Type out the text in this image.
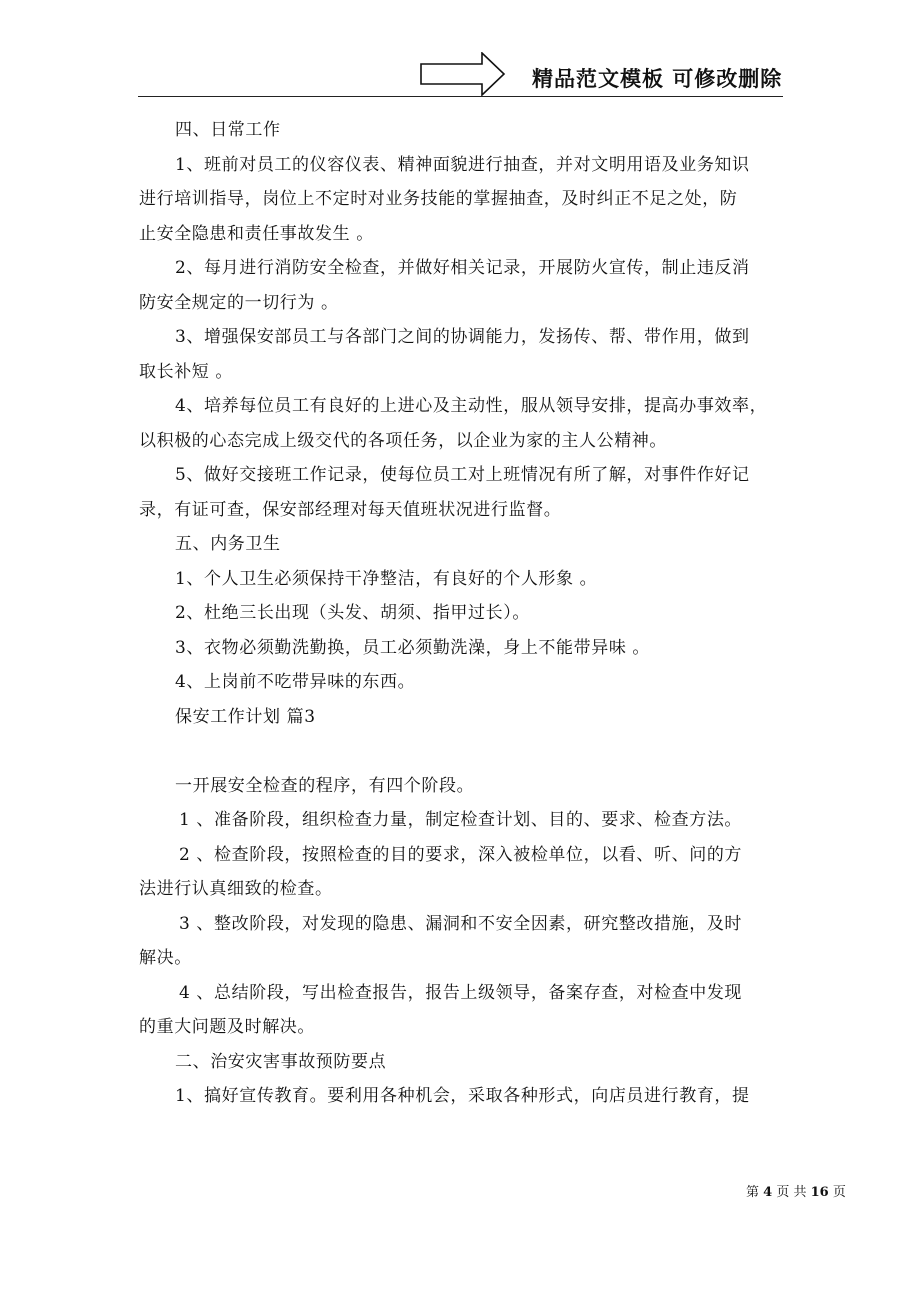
精品范文模板 可修改删除
四、日常工作
1、班前对员工的仪容仪表、精神面貌进行抽查，并对文明用语及业务知识
进行培训指导，岗位上不定时对业务技能的掌握抽查，及时纠正不足之处，防
止安全隐患和责任事故发生 。
2、每月进行消防安全检查，并做好相关记录，开展防火宣传，制止违反消
防安全规定的一切行为 。
3、增强保安部员工与各部门之间的协调能力，发扬传、帮、带作用，做到
取长补短 。
4、培养每位员工有良好的上进心及主动性，服从领导安排，提高办事效率，
以积极的心态完成上级交代的各项任务，以企业为家的主人公精神。
5、做好交接班工作记录，使每位员工对上班情况有所了解，对事件作好记
录，有证可查，保安部经理对每天值班状况进行监督。
五、内务卫生
1、个人卫生必须保持干净整洁，有良好的个人形象 。
2、杜绝三长出现（头发、胡须、指甲过长）。
3、衣物必须勤洗勤换，员工必须勤洗澡，身上不能带异味 。
4、上岗前不吃带异味的东西。
保安工作计划 篇3
一开展安全检查的程序，有四个阶段。
1 、准备阶段，组织检查力量，制定检查计划、目的、要求、检查方法。
2 、检查阶段，按照检查的目的要求，深入被检单位，以看、听、问的方
法进行认真细致的检查。
3 、整改阶段，对发现的隐患、漏洞和不安全因素，研究整改措施，及时
解决。
4 、总结阶段，写出检查报告，报告上级领导，备案存查，对检查中发现
的重大问题及时解决。
二、治安灾害事故预防要点
1、搞好宣传教育。要利用各种机会，采取各种形式，向店员进行教育，提
第 4 页 共 16 页
